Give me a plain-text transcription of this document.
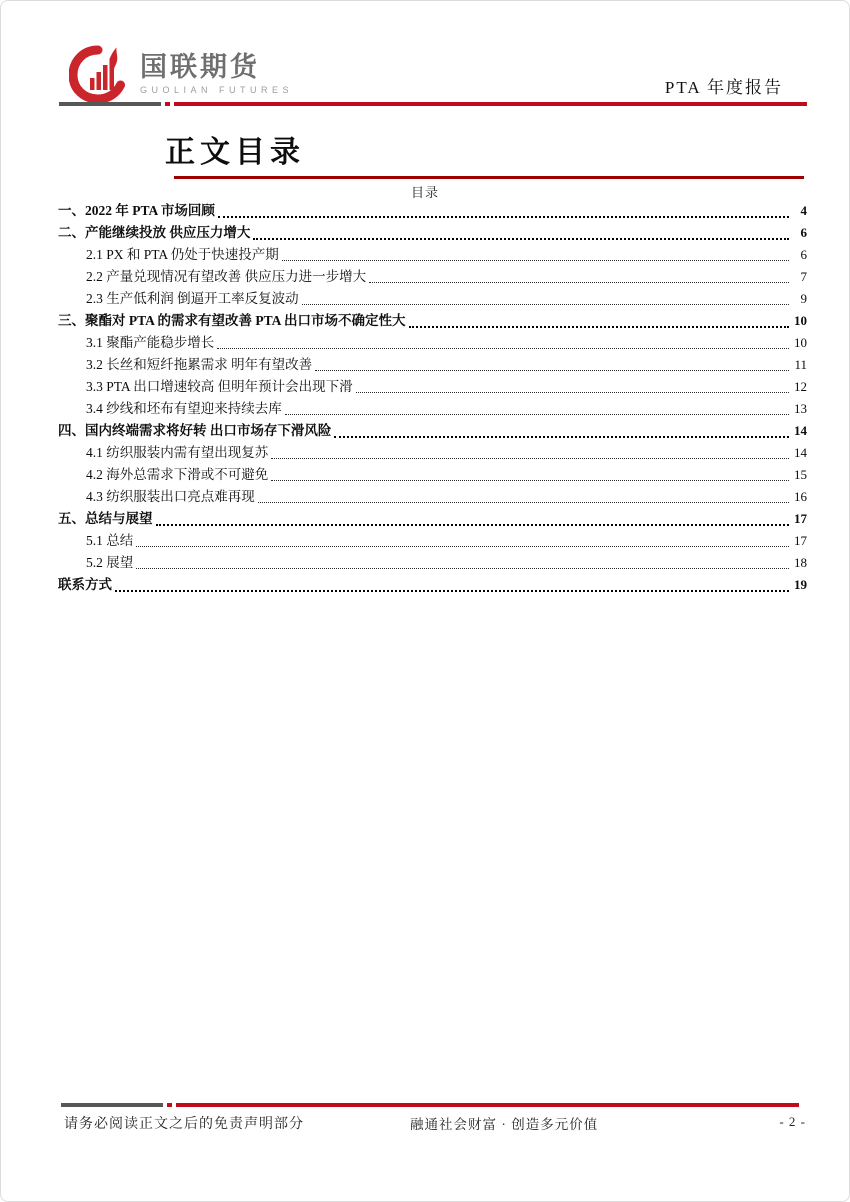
国联期货
GUOLIAN FUTURES	PTA 年度报告
正文目录
目录
一、2022 年 PTA 市场回顾	4
二、产能继续投放 供应压力增大	6
2.1 PX 和 PTA 仍处于快速投产期	6
2.2 产量兑现情况有望改善 供应压力进一步增大	7
2.3 生产低利润 倒逼开工率反复波动	9
三、聚酯对 PTA 的需求有望改善 PTA 出口市场不确定性大	10
3.1 聚酯产能稳步增长	10
3.2 长丝和短纤拖累需求 明年有望改善	11
3.3 PTA 出口增速较高 但明年预计会出现下滑	12
3.4 纱线和坯布有望迎来持续去库	13
四、国内终端需求将好转 出口市场存下滑风险	14
4.1 纺织服装内需有望出现复苏	14
4.2 海外总需求下滑或不可避免	15
4.3 纺织服装出口亮点难再现	16
五、总结与展望	17
5.1 总结	17
5.2 展望	18
联系方式	19
请务必阅读正文之后的免责声明部分	融通社会财富 · 创造多元价值	- 2 -
